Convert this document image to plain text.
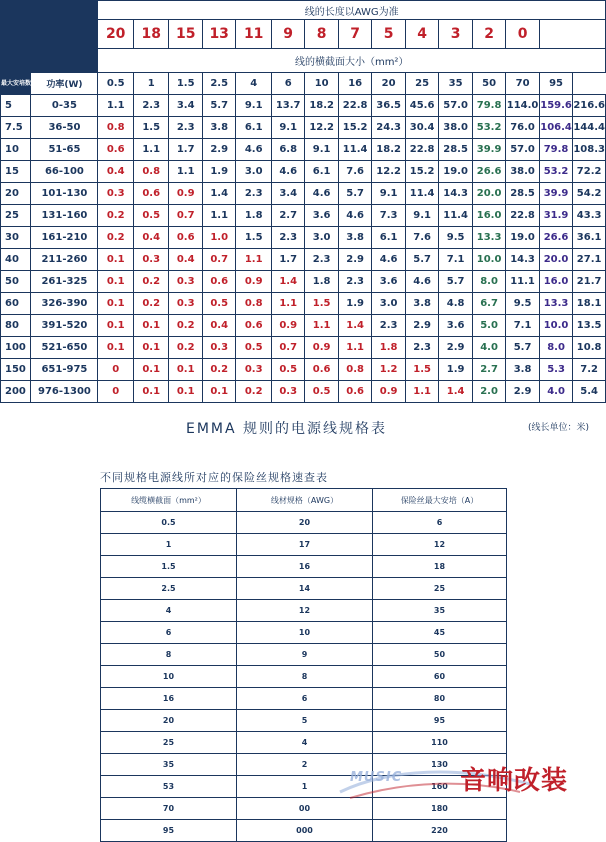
		线的长度以AWG为准														
		20	18	15	13	11	9	8	7	5	4	3	2	0		
		线的横截面大小（mm²）														
最大安培数(A)	功率(W)	0.5	1	1.5	2.5	4	6	10	16	20	25	35	50	70	95	
5	0-35	1.1	2.3	3.4	5.7	9.1	13.7	18.2	22.8	36.5	45.6	57.0	79.8	114.0	159.6	216.6
7.5	36-50	0.8	1.5	2.3	3.8	6.1	9.1	12.2	15.2	24.3	30.4	38.0	53.2	76.0	106.4	144.4
10	51-65	0.6	1.1	1.7	2.9	4.6	6.8	9.1	11.4	18.2	22.8	28.5	39.9	57.0	79.8	108.3
15	66-100	0.4	0.8	1.1	1.9	3.0	4.6	6.1	7.6	12.2	15.2	19.0	26.6	38.0	53.2	72.2
20	101-130	0.3	0.6	0.9	1.4	2.3	3.4	4.6	5.7	9.1	11.4	14.3	20.0	28.5	39.9	54.2
25	131-160	0.2	0.5	0.7	1.1	1.8	2.7	3.6	4.6	7.3	9.1	11.4	16.0	22.8	31.9	43.3
30	161-210	0.2	0.4	0.6	1.0	1.5	2.3	3.0	3.8	6.1	7.6	9.5	13.3	19.0	26.6	36.1
40	211-260	0.1	0.3	0.4	0.7	1.1	1.7	2.3	2.9	4.6	5.7	7.1	10.0	14.3	20.0	27.1
50	261-325	0.1	0.2	0.3	0.6	0.9	1.4	1.8	2.3	3.6	4.6	5.7	8.0	11.1	16.0	21.7
60	326-390	0.1	0.2	0.3	0.5	0.8	1.1	1.5	1.9	3.0	3.8	4.8	6.7	9.5	13.3	18.1
80	391-520	0.1	0.1	0.2	0.4	0.6	0.9	1.1	1.4	2.3	2.9	3.6	5.0	7.1	10.0	13.5
100	521-650	0.1	0.1	0.2	0.3	0.5	0.7	0.9	1.1	1.8	2.3	2.9	4.0	5.7	8.0	10.8
150	651-975	0	0.1	0.1	0.2	0.3	0.5	0.6	0.8	1.2	1.5	1.9	2.7	3.8	5.3	7.2
200	976-1300	0	0.1	0.1	0.1	0.2	0.3	0.5	0.6	0.9	1.1	1.4	2.0	2.9	4.0	5.4
EMMA 规则的电源线规格表	(线长单位：米)
不同规格电源线所对应的保险丝规格速查表
线缆横截面（mm²）	线材规格（AWG）	保险丝最大安培（A）
0.5	20	6
1	17	12
1.5	16	18
2.5	14	25
4	12	35
6	10	45
8	9	50
10	8	60
16	6	80
20	5	95
25	4	110
35	2	130
53	1	160
70	00	180
95	000	220
MUSIC 音响改装
